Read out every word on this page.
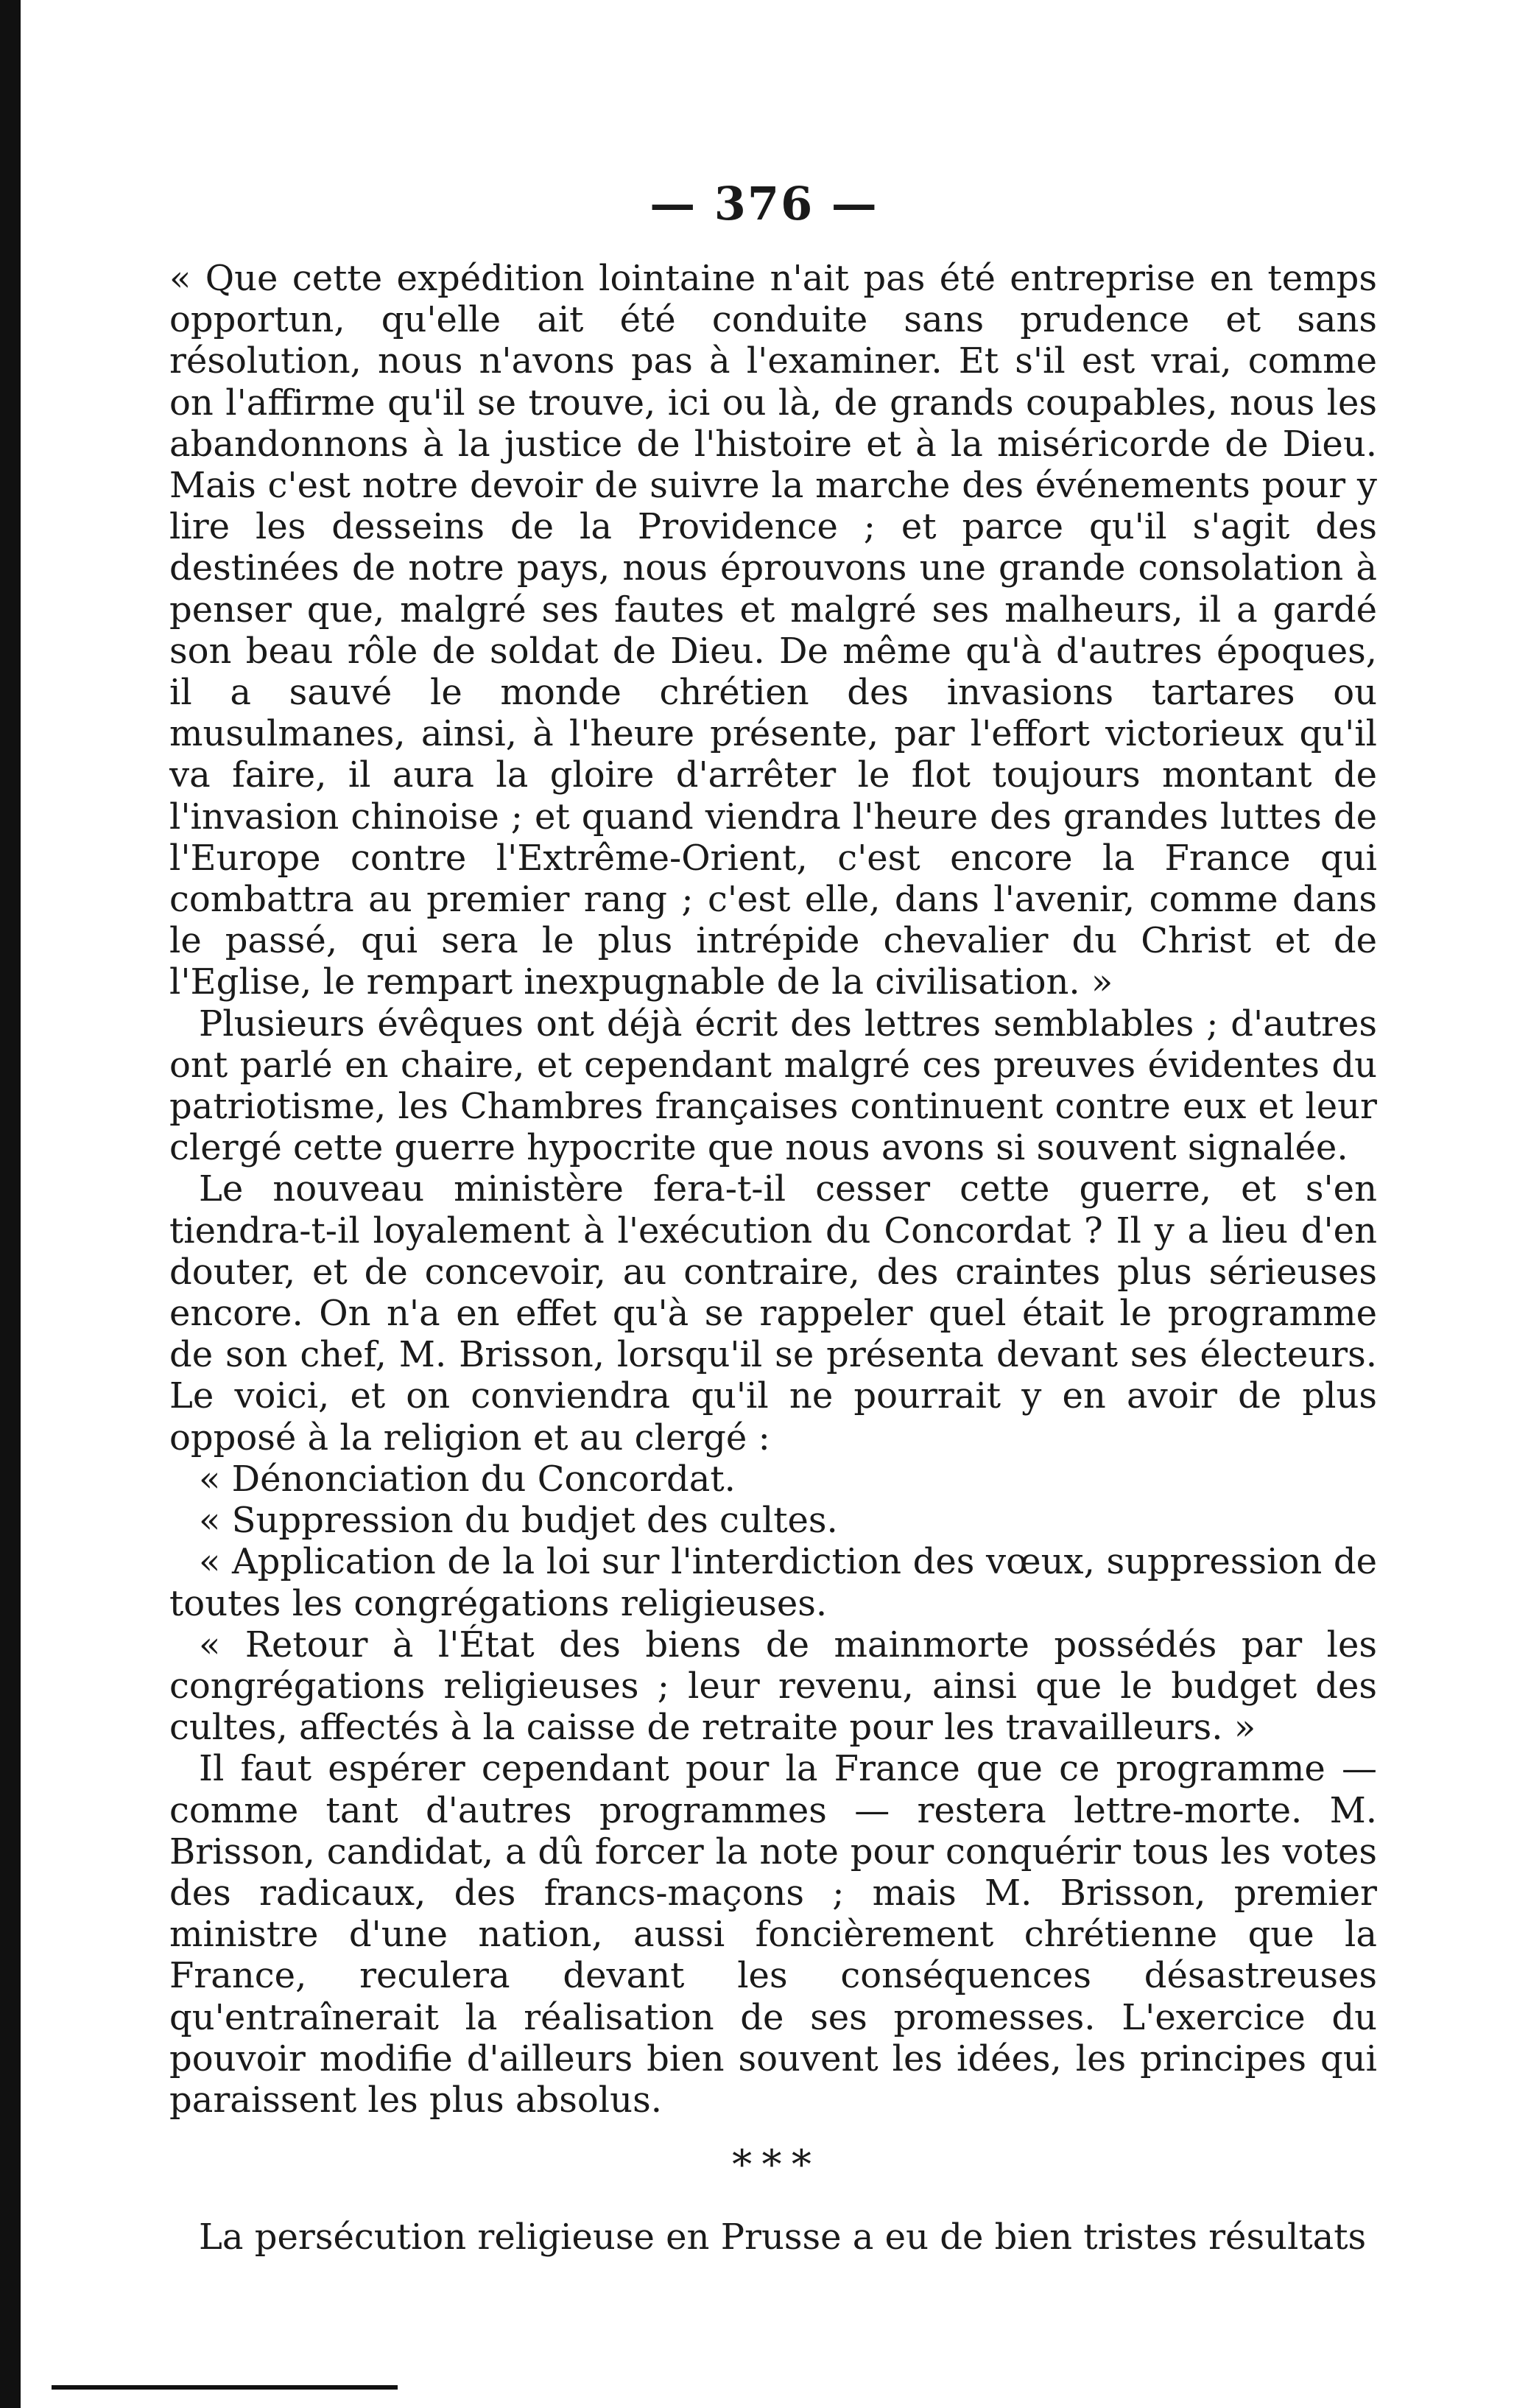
— 376 —

« Que cette expédition lointaine n'ait pas été entreprise en temps opportun, qu'elle ait été conduite sans prudence et sans résolution, nous n'avons pas à l'examiner. Et s'il est vrai, comme on l'affirme qu'il se trouve, ici ou là, de grands coupables, nous les abandonnons à la justice de l'histoire et à la miséricorde de Dieu. Mais c'est notre devoir de suivre la marche des événements pour y lire les desseins de la Providence ; et parce qu'il s'agit des destinées de notre pays, nous éprouvons une grande consolation à penser que, malgré ses fautes et malgré ses malheurs, il a gardé son beau rôle de soldat de Dieu. De même qu'à d'autres époques, il a sauvé le monde chrétien des invasions tartares ou musulmanes, ainsi, à l'heure présente, par l'effort victorieux qu'il va faire, il aura la gloire d'arrêter le flot toujours montant de l'invasion chinoise ; et quand viendra l'heure des grandes luttes de l'Europe contre l'Extrême-Orient, c'est encore la France qui combattra au premier rang ; c'est elle, dans l'avenir, comme dans le passé, qui sera le plus intrépide chevalier du Christ et de l'Eglise, le rempart inexpugnable de la civilisation. »

Plusieurs évêques ont déjà écrit des lettres semblables ; d'autres ont parlé en chaire, et cependant malgré ces preuves évidentes du patriotisme, les Chambres françaises continuent contre eux et leur clergé cette guerre hypocrite que nous avons si souvent signalée.

Le nouveau ministère fera-t-il cesser cette guerre, et s'en tiendra-t-il loyalement à l'exécution du Concordat ? Il y a lieu d'en douter, et de concevoir, au contraire, des craintes plus sérieuses encore. On n'a en effet qu'à se rappeler quel était le programme de son chef, M. Brisson, lorsqu'il se présenta devant ses électeurs. Le voici, et on conviendra qu'il ne pourrait y en avoir de plus opposé à la religion et au clergé :

« Dénonciation du Concordat.

« Suppression du budjet des cultes.

« Application de la loi sur l'interdiction des vœux, suppression de toutes les congrégations religieuses.

« Retour à l'État des biens de mainmorte possédés par les congrégations religieuses ; leur revenu, ainsi que le budget des cultes, affectés à la caisse de retraite pour les travailleurs. »

Il faut espérer cependant pour la France que ce programme — comme tant d'autres programmes — restera lettre-morte. M. Brisson, candidat, a dû forcer la note pour conquérir tous les votes des radicaux, des francs-maçons ; mais M. Brisson, premier ministre d'une nation, aussi foncièrement chrétienne que la France, reculera devant les conséquences désastreuses qu'entraînerait la réalisation de ses promesses. L'exercice du pouvoir modifie d'ailleurs bien souvent les idées, les principes qui paraissent les plus absolus.

* * *

La persécution religieuse en Prusse a eu de bien tristes résultats
